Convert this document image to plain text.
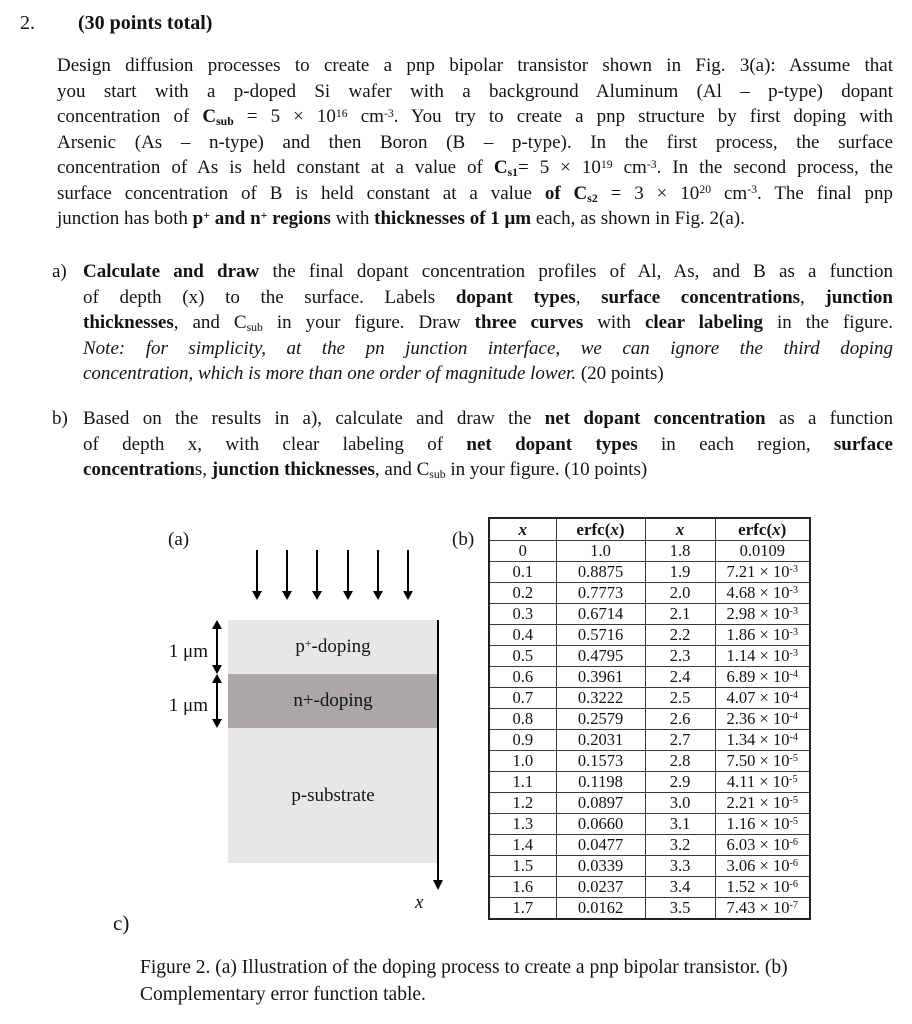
2. (30 points total)
Design diffusion processes to create a pnp bipolar transistor shown in Fig. 3(a): Assume that
you start with a p-doped Si wafer with a background Aluminum (Al – p-type) dopant
concentration of $C_{sub} = 5 \times 10^{16}$ $cm^{-3}$. You try to create a pnp structure by first doping with
Arsenic (As – n-type) and then Boron (B – p-type). In the first process, the surface
concentration of As is held constant at a value of $C_{s1}= 5 \times 10^{19}$ $cm^{-3}$. In the second process, the
surface concentration of B is held constant at a value of $C_{s2} = 3 \times 10^{20}$ $cm^{-3}$. The final pnp
junction has both p+ and n+ regions with thicknesses of 1 μm each, as shown in Fig. 2(a).
a) Calculate and draw the final dopant concentration profiles of Al, As, and B as a function
of depth (x) to the surface. Labels dopant types, surface concentrations, junction
thicknesses, and $C_{sub}$ in your figure. Draw three curves with clear labeling in the figure.
Note: for simplicity, at the pn junction interface, we can ignore the third doping
concentration, which is more than one order of magnitude lower. (20 points)
b) Based on the results in a), calculate and draw the net dopant concentration as a function
of depth x, with clear labeling of net dopant types in each region, surface
concentrations, junction thicknesses, and $C_{sub}$ in your figure. (10 points)
(a)	(b)
p+-doping
n+-doping
p-substrate
1 μm
1 μm
x
c)
x	erfc(x)	x	erfc(x)
0	1.0	1.8	0.0109
0.1	0.8875	1.9	$7.21 \times 10^{-3}$
0.2	0.7773	2.0	$4.68 \times 10^{-3}$
0.3	0.6714	2.1	$2.98 \times 10^{-3}$
0.4	0.5716	2.2	$1.86 \times 10^{-3}$
0.5	0.4795	2.3	$1.14 \times 10^{-3}$
0.6	0.3961	2.4	$6.89 \times 10^{-4}$
0.7	0.3222	2.5	$4.07 \times 10^{-4}$
0.8	0.2579	2.6	$2.36 \times 10^{-4}$
0.9	0.2031	2.7	$1.34 \times 10^{-4}$
1.0	0.1573	2.8	$7.50 \times 10^{-5}$
1.1	0.1198	2.9	$4.11 \times 10^{-5}$
1.2	0.0897	3.0	$2.21 \times 10^{-5}$
1.3	0.0660	3.1	$1.16 \times 10^{-5}$
1.4	0.0477	3.2	$6.03 \times 10^{-6}$
1.5	0.0339	3.3	$3.06 \times 10^{-6}$
1.6	0.0237	3.4	$1.52 \times 10^{-6}$
1.7	0.0162	3.5	$7.43 \times 10^{-7}$
Figure 2. (a) Illustration of the doping process to create a pnp bipolar transistor. (b)
Complementary error function table.
